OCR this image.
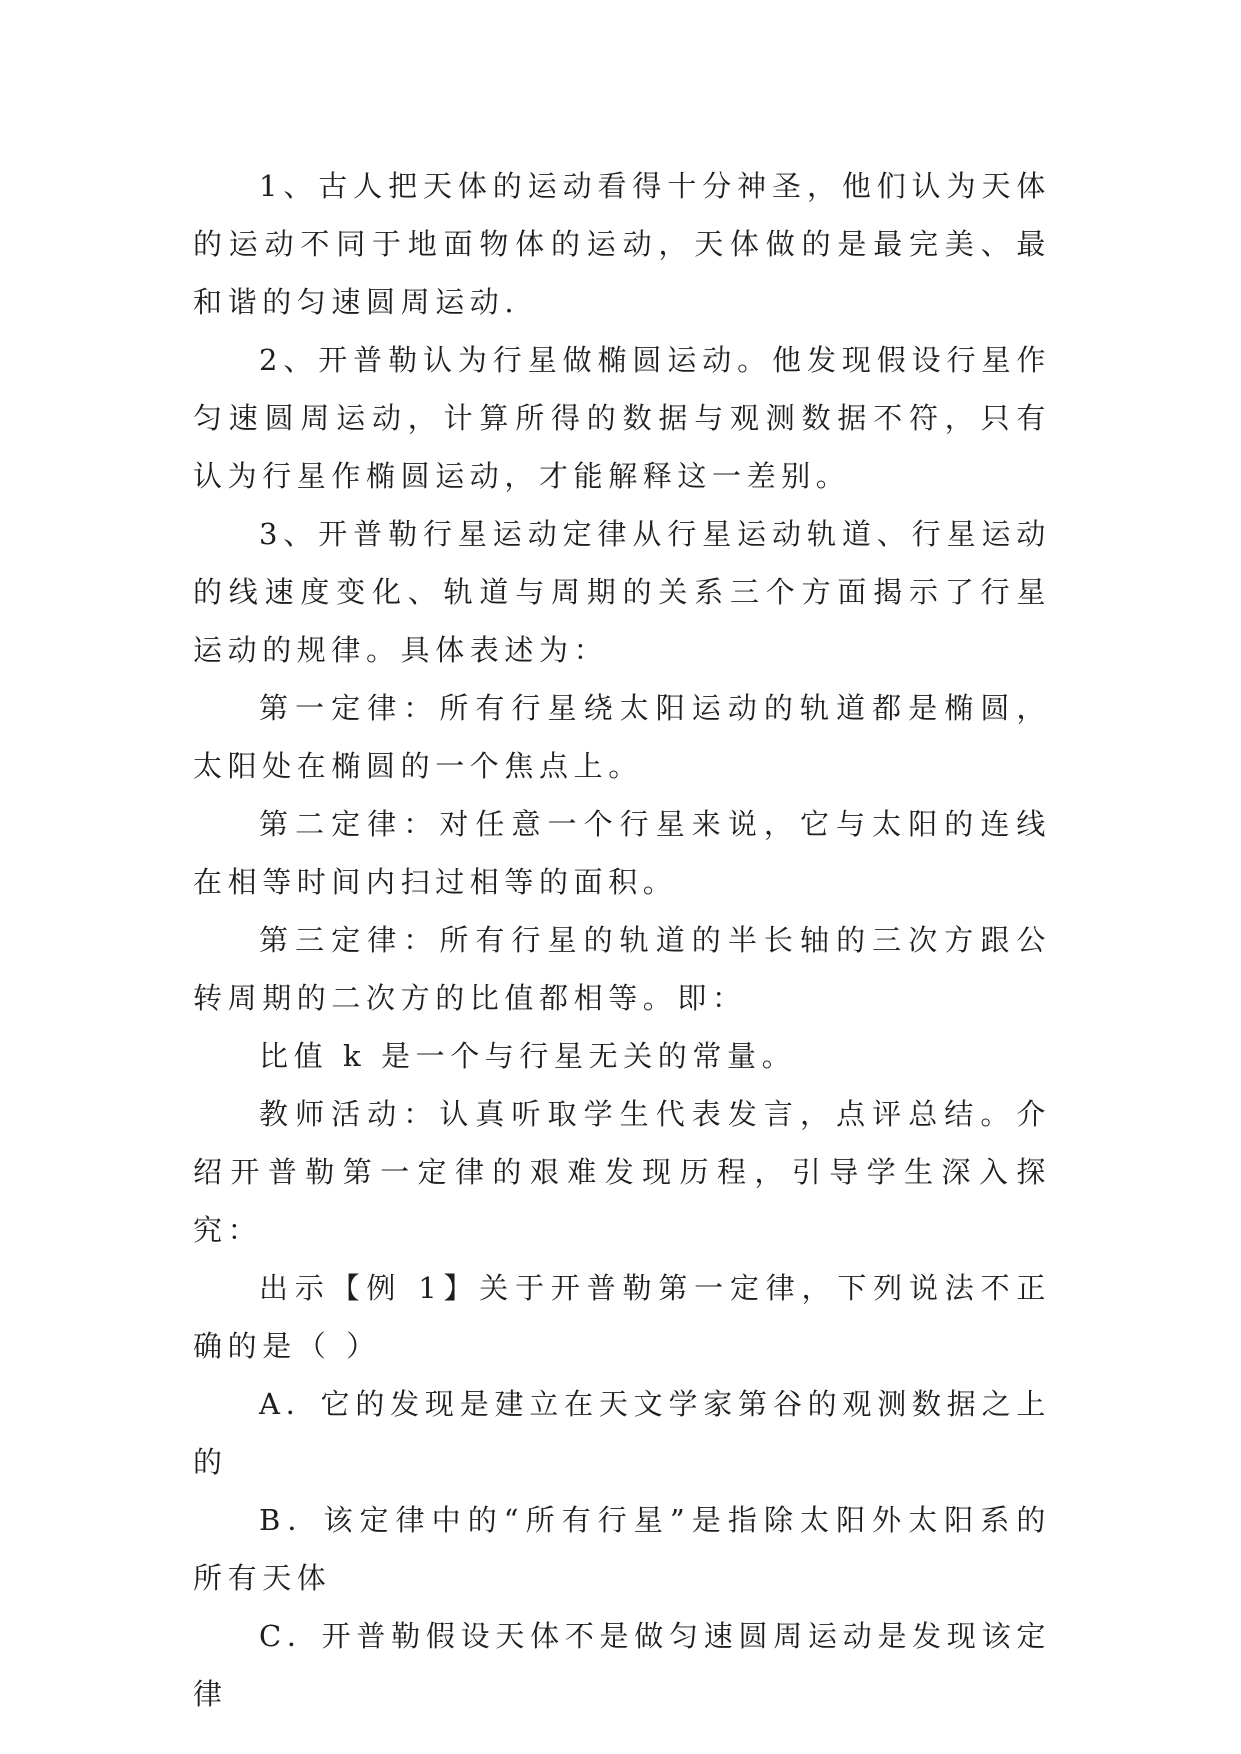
1、古人把天体的运动看得十分神圣，他们认为天体的运动不同于地面物体的运动，天体做的是最完美、最和谐的匀速圆周运动.

2、开普勒认为行星做椭圆运动。他发现假设行星作匀速圆周运动，计算所得的数据与观测数据不符，只有认为行星作椭圆运动，才能解释这一差别。

3、开普勒行星运动定律从行星运动轨道、行星运动的线速度变化、轨道与周期的关系三个方面揭示了行星运动的规律。具体表述为：

第一定律：所有行星绕太阳运动的轨道都是椭圆，太阳处在椭圆的一个焦点上。

第二定律：对任意一个行星来说，它与太阳的连线在相等时间内扫过相等的面积。

第三定律：所有行星的轨道的半长轴的三次方跟公转周期的二次方的比值都相等。即：

比值 k 是一个与行星无关的常量。

教师活动：认真听取学生代表发言，点评总结。介绍开普勒第一定律的艰难发现历程，引导学生深入探究：

出示【例 1】关于开普勒第一定律，下列说法不正确的是（ ）

A．它的发现是建立在天文学家第谷的观测数据之上的

B．该定律中的“所有行星”是指除太阳外太阳系的所有天体

C．开普勒假设天体不是做匀速圆周运动是发现该定律
